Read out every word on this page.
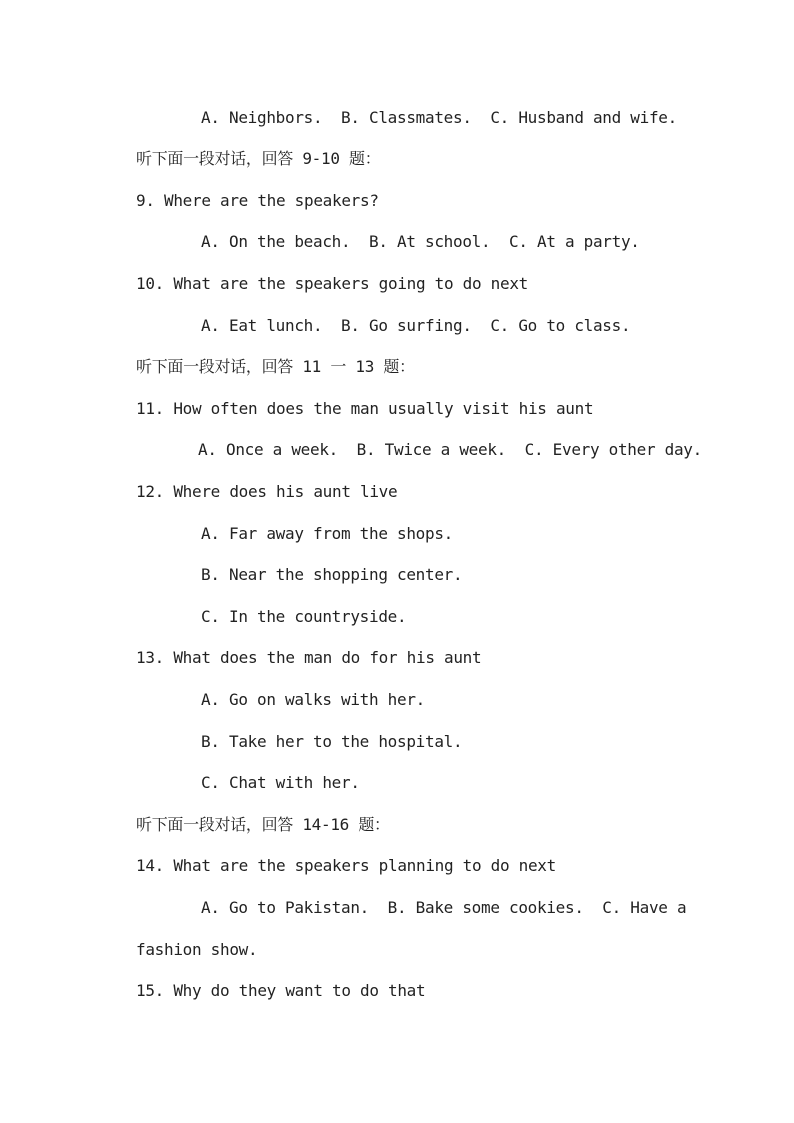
A. Neighbors.  B. Classmates.  C. Husband and wife.
听下面一段对话，回答 9-10 题：
9. Where are the speakers?
A. On the beach.  B. At school.  C. At a party.
10. What are the speakers going to do next
A. Eat lunch.  B. Go surfing.  C. Go to class.
听下面一段对话，回答 11 一 13 题：
11. How often does the man usually visit his aunt
A. Once a week.  B. Twice a week.  C. Every other day.
12. Where does his aunt live
A. Far away from the shops.
B. Near the shopping center.
C. In the countryside.
13. What does the man do for his aunt
A. Go on walks with her.
B. Take her to the hospital.
C. Chat with her.
听下面一段对话，回答 14-16 题：
14. What are the speakers planning to do next
A. Go to Pakistan.  B. Bake some cookies.  C. Have a
fashion show.
15. Why do they want to do that
